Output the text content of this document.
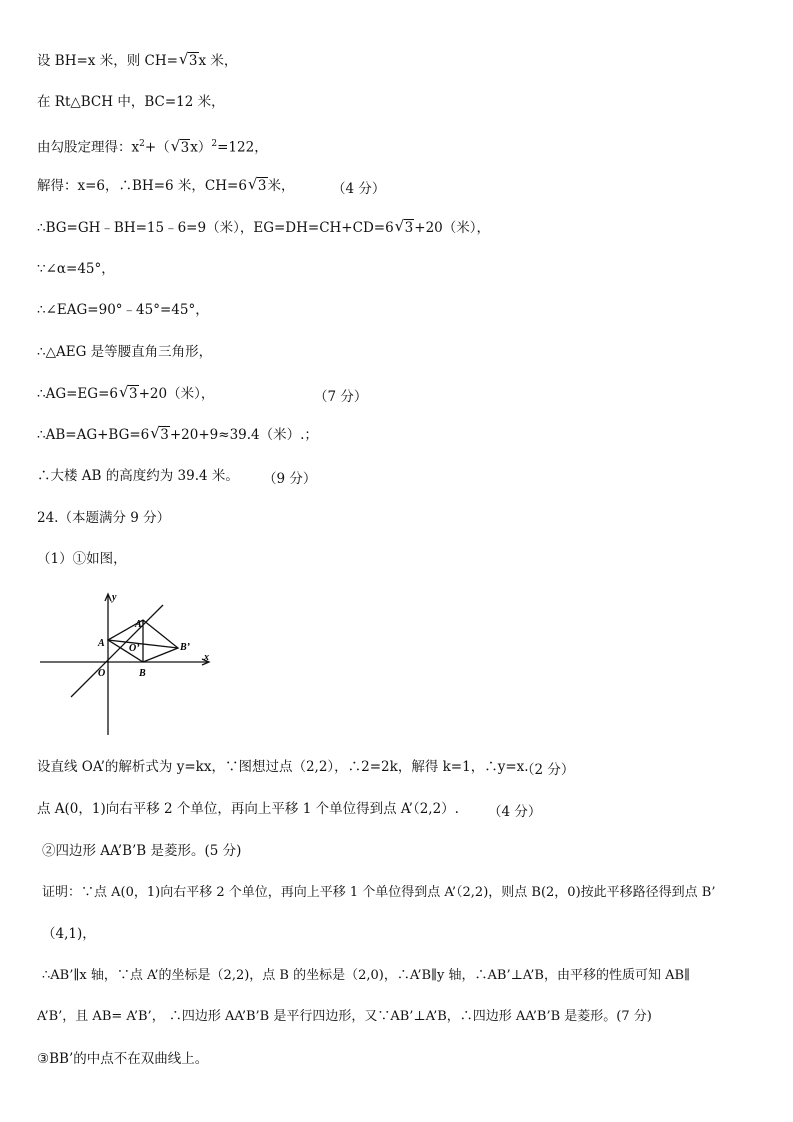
设 BH=x 米，则 CH=√ 3x 米，
在 Rt△BCH 中，BC=12 米，
由勾股定理得：$x^2+(√$ 3x）$^2$=122，
解得：x=6，∴BH=6 米，CH=6√ 3米，	（4 分）
∴BG=GH﹣BH=15﹣6=9（米），EG=DH=CH+CD=6√ 3+20（米），
∵∠α=45°，
∴∠EAG=90°﹣45°=45°，
∴△AEG 是等腰直角三角形，
∴AG=EG=6√ 3+20（米），	（7 分）
∴AB=AG+BG=6√ 3+20+9≈39.4（米）.；
∴大楼 AB 的高度约为 39.4 米。 （9 分）
24.（本题满分 9 分）
（1）①如图，
y
x
A
A’
O’	B’
O	B
设直线 OA’的解析式为 y=kx，∵图想过点（2,2），∴2=2k，解得 k=1，∴y=x.
（2 分）
点 A(0，1)向右平移 2 个单位，再向上平移 1 个单位得到点 A’（2,2）. （4 分）
②四边形 AA’B’B 是菱形。(5 分)
证明：∵点 A(0，1)向右平移 2 个单位，再向上平移 1 个单位得到点 A’（2,2)，则点 B(2，0)按此平移路径得到点 B’
（4,1)，
∴AB’∥x 轴，∵点 A’的坐标是（2,2)，点 B 的坐标是（2,0)，∴A’B∥y 轴，∴AB’⊥A’B，由平移的性质可知 AB∥
A’B’，且 AB= A’B’， ∴四边形 AA’B’B 是平行四边形，又∵AB’⊥A’B，∴四边形 AA’B’B 是菱形。(7 分)
③BB’的中点不在双曲线上。
